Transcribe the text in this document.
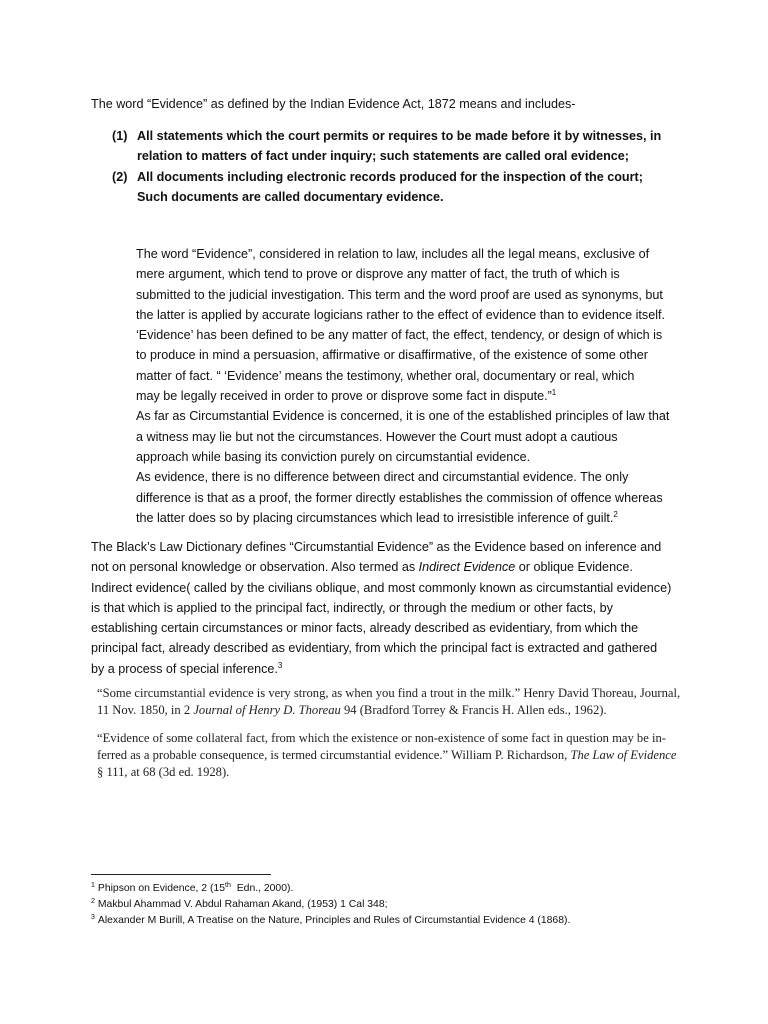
The word “Evidence” as defined by the Indian Evidence Act, 1872 means and includes-
(1) All statements which the court permits or requires to be made before it by witnesses, in
relation to matters of fact under inquiry; such statements are called oral evidence;
(2) All documents including electronic records produced for the inspection of the court;
Such documents are called documentary evidence.
The word “Evidence”, considered in relation to law, includes all the legal means, exclusive of
mere argument, which tend to prove or disprove any matter of fact, the truth of which is
submitted to the judicial investigation. This term and the word proof are used as synonyms, but
the latter is applied by accurate logicians rather to the effect of evidence than to evidence itself.
‘Evidence’ has been defined to be any matter of fact, the effect, tendency, or design of which is
to produce in mind a persuasion, affirmative or disaffirmative, of the existence of some other
matter of fact. “ ‘Evidence’ means the testimony, whether oral, documentary or real, which
may be legally received in order to prove or disprove some fact in dispute.”$^1$
As far as Circumstantial Evidence is concerned, it is one of the established principles of law that
a witness may lie but not the circumstances. However the Court must adopt a cautious
approach while basing its conviction purely on circumstantial evidence.
As evidence, there is no difference between direct and circumstantial evidence. The only
difference is that as a proof, the former directly establishes the commission of offence whereas
the latter does so by placing circumstances which lead to irresistible inference of guilt.$^2$
The Black’s Law Dictionary defines “Circumstantial Evidence” as the Evidence based on inference and
not on personal knowledge or observation. Also termed as Indirect Evidence or oblique Evidence.
Indirect evidence( called by the civilians oblique, and most commonly known as circumstantial evidence)
is that which is applied to the principal fact, indirectly, or through the medium or other facts, by
establishing certain circumstances or minor facts, already described as evidentiary, from which the
principal fact, already described as evidentiary, from which the principal fact is extracted and gathered
by a process of special inference.$^3$
“Some circumstantial evidence is very strong, as when you find a trout in the milk.” Henry David Thoreau, Journal,
11 Nov. 1850, in 2 Journal of Henry D. Thoreau 94 (Bradford Torrey & Francis H. Allen eds., 1962).
“Evidence of some collateral fact, from which the existence or non-existence of some fact in question may be in-
ferred as a probable consequence, is termed circumstantial evidence.” William P. Richardson, The Law of Evidence
§ 111, at 68 (3d ed. 1928).
$^1$ Phipson on Evidence, 2 (15th Edn., 2000).
$^2$ Makbul Ahammad V. Abdul Rahaman Akand, (1953) 1 Cal 348;
$^3$ Alexander M Burill, A Treatise on the Nature, Principles and Rules of Circumstantial Evidence 4 (1868).
